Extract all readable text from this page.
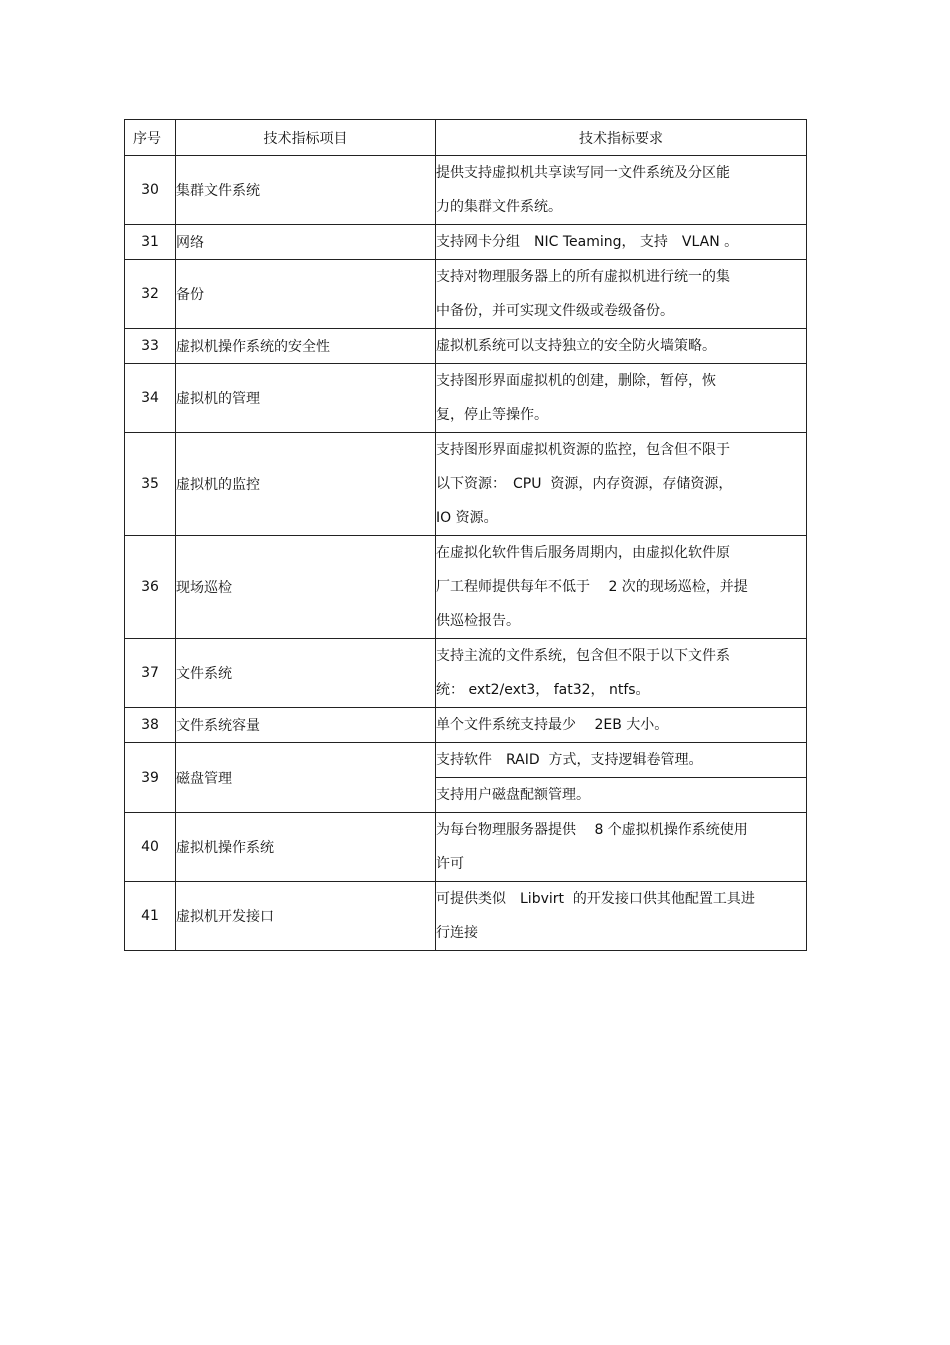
序号	技术指标项目	技术指标要求
30	集群文件系统	提供支持虚拟机共享读写同一文件系统及分区能
力的集群文件系统。

31	网络	支持网卡分组　NIC Teaming， 支持　VLAN 。

32	备份	支持对物理服务器上的所有虚拟机进行统一的集
中备份，并可实现文件级或卷级备份。

33	虚拟机操作系统的安全性	虚拟机系统可以支持独立的安全防火墙策略。

34	虚拟机的管理	支持图形界面虚拟机的创建，删除，暂停，恢
复，停止等操作。

35	虚拟机的监控	支持图形界面虚拟机资源的监控，包含但不限于
以下资源：　CPU  资源，内存资源，存储资源，
IO 资源。

36	现场巡检	在虚拟化软件售后服务周期内，由虚拟化软件原
厂工程师提供每年不低于　 2 次的现场巡检，并提
供巡检报告。

37	文件系统	支持主流的文件系统，包含但不限于以下文件系
统： ext2/ext3， fat32， ntfs。

38	文件系统容量	单个文件系统支持最少　 2EB 大小。

39	磁盘管理	支持软件　RAID  方式，支持逻辑卷管理。

		支持用户磁盘配额管理。

40	虚拟机操作系统	为每台物理服务器提供　 8 个虚拟机操作系统使用
许可

41	虚拟机开发接口	可提供类似　Libvirt  的开发接口供其他配置工具进
行连接
